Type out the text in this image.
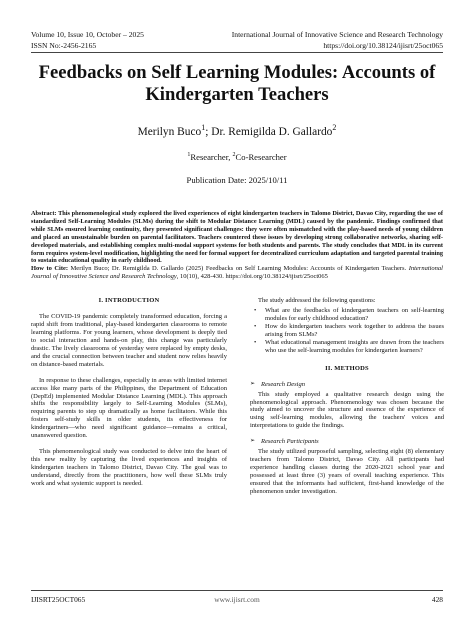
Volume 10, Issue 10, October – 2025	International Journal of Innovative Science and Research Technology
ISSN No:-2456-2165	https://doi.org/10.38124/ijisrt/25oct065
Feedbacks on Self Learning Modules: Accounts of Kindergarten Teachers
Merilyn Buco$^1$; Dr. Remigilda D. Gallardo$^2$
$^1$Researcher, $^2$Co-Researcher
Publication Date: 2025/10/11
Abstract: This phenomenological study explored the lived experiences of eight kindergarten teachers in Talomo District, Davao City, regarding the use of standardized Self-Learning Modules (SLMs) during the shift to Modular Distance Learning (MDL) caused by the pandemic. Findings confirmed that while SLMs ensured learning continuity, they presented significant challenges: they were often mismatched with the play-based needs of young children and placed an unsustainable burden on parental facilitators. Teachers countered these issues by developing strong collaborative networks, sharing self-developed materials, and establishing complex multi-modal support systems for both students and parents. The study concludes that MDL in its current form requires system-level modification, highlighting the need for formal support for decentralized curriculum adaptation and targeted parental training to sustain educational quality in early childhood.
How to Cite: Merilyn Buco; Dr. Remigilda D. Gallardo (2025) Feedbacks on Self Learning Modules: Accounts of Kindergarten Teachers. International Journal of Innovative Science and Research Technology, 10(10), 428-430. https://doi.org/10.38124/ijisrt/25oct065
I. INTRODUCTION

The COVID-19 pandemic completely transformed education, forcing a rapid shift from traditional, play-based kindergarten classrooms to remote learning platforms. For young learners, whose development is deeply tied to social interaction and hands-on play, this change was particularly drastic. The lively classrooms of yesterday were replaced by empty desks, and the crucial connection between teacher and student now relies heavily on distance-based materials.

In response to these challenges, especially in areas with limited internet access like many parts of the Philippines, the Department of Education (DepEd) implemented Modular Distance Learning (MDL). This approach shifts the responsibility largely to Self-Learning Modules (SLMs), requiring parents to step up dramatically as home facilitators. While this fosters self-study skills in older students, its effectiveness for kindergartners—who need significant guidance—remains a critical, unanswered question.

This phenomenological study was conducted to delve into the heart of this new reality by capturing the lived experiences and insights of kindergarten teachers in Talomo District, Davao City. The goal was to understand, directly from the practitioners, how well these SLMs truly work and what systemic support is needed.

The study addressed the following questions:

• What are the feedbacks of kindergarten teachers on self-learning modules for early childhood education?
• How do kindergarten teachers work together to address the issues arising from SLMs?
• What educational management insights are drawn from the teachers who use the self-learning modules for kindergarten learners?
II. METHODS
➢ Research Design

This study employed a qualitative research design using the phenomenological approach. Phenomenology was chosen because the study aimed to uncover the structure and essence of the experience of using self-learning modules, allowing the teachers' voices and interpretations to guide the findings.

➢ Research Participants

The study utilized purposeful sampling, selecting eight (8) elementary teachers from Talomo District, Davao City. All participants had experience handling classes during the 2020-2021 school year and possessed at least three (3) years of overall teaching experience. This ensured that the informants had sufficient, first-hand knowledge of the phenomenon under investigation.

IJISRT25OCT065	www.ijisrt.com	428
